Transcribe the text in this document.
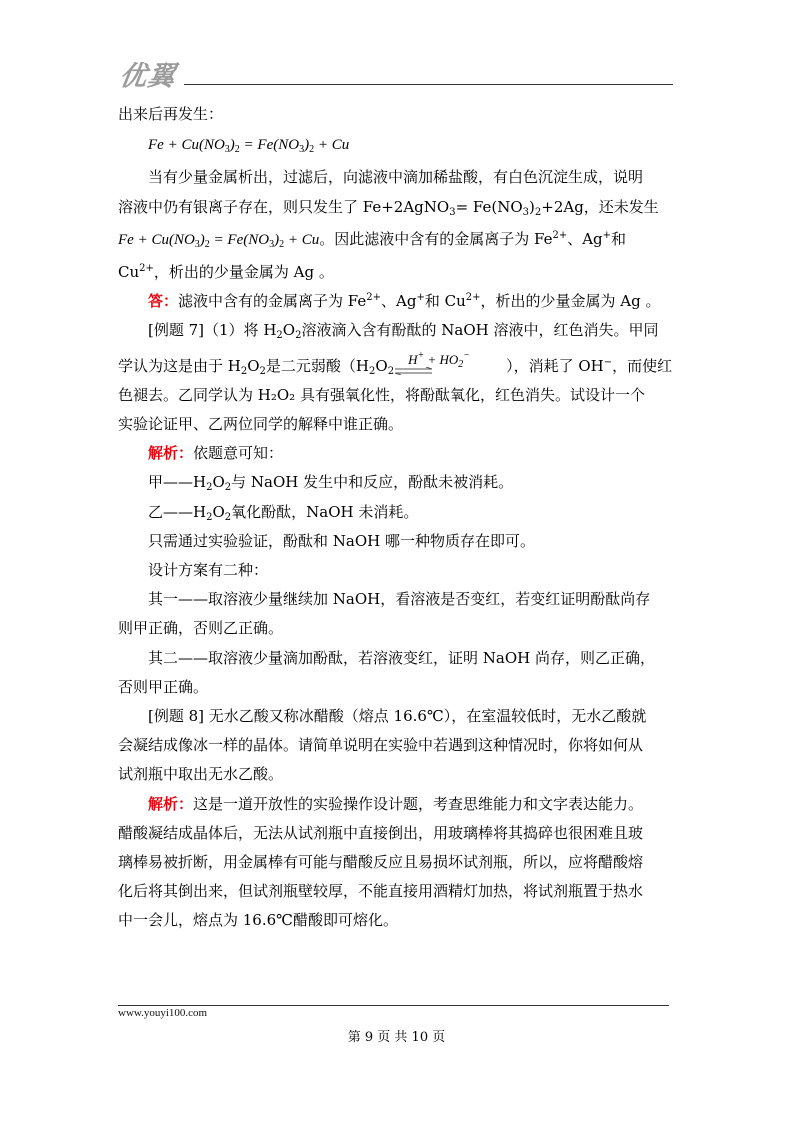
优翼

出来后再发生：

$Fe + Cu(NO_3)_2 = Fe(NO_3)_2 + Cu$

当有少量金属析出，过滤后，向滤液中滴加稀盐酸，有白色沉淀生成，说明

溶液中仍有银离子存在，则只发生了 Fe+2AgNO$_3$= $Fe(NO_3)_2+2Ag$，还未发生

$Fe + Cu(NO_3)_2 = Fe(NO_3)_2 + Cu$。因此滤液中含有的金属离子为 $Fe^{2+}$、Ag+和

$Cu^{2+}$，析出的少量金属为 Ag 。

答：滤液中含有的金属离子为 $Fe^{2+}$、Ag+和 $Cu^{2+}$，析出的少量金属为 Ag 。

[例题 7]（1）将 $H_2O_2$溶液滴入含有酚酞的 NaOH 溶液中，红色消失。甲同

学认为这是由于 $H_2O_2$是二元弱酸（$H_2O_2$
$H^+ + HO_2^-$
），消耗了 OH−，而使红

色褪去。乙同学认为 H₂O₂ 具有强氧化性，将酚酞氧化，红色消失。试设计一个

实验论证甲、乙两位同学的解释中谁正确。

解析：依题意可知：

甲$——H_2O_2$与 NaOH 发生中和反应，酚酞未被消耗。

乙$——H_2O_2$氧化酚酞，NaOH 未消耗。

只需通过实验验证，酚酞和 NaOH 哪一种物质存在即可。

设计方案有二种：

其一——取溶液少量继续加 NaOH，看溶液是否变红，若变红证明酚酞尚存

则甲正确，否则乙正确。

其二——取溶液少量滴加酚酞，若溶液变红，证明 NaOH 尚存，则乙正确，

否则甲正确。

[例题 8] 无水乙酸又称冰醋酸（熔点 16.6℃），在室温较低时，无水乙酸就

会凝结成像冰一样的晶体。请简单说明在实验中若遇到这种情况时，你将如何从

试剂瓶中取出无水乙酸。

解析：这是一道开放性的实验操作设计题，考查思维能力和文字表达能力。

醋酸凝结成晶体后，无法从试剂瓶中直接倒出，用玻璃棒将其捣碎也很困难且玻

璃棒易被折断，用金属棒有可能与醋酸反应且易损坏试剂瓶，所以，应将醋酸熔

化后将其倒出来，但试剂瓶壁较厚，不能直接用酒精灯加热，将试剂瓶置于热水

中一会儿，熔点为 16.6℃醋酸即可熔化。

www.youyi100.com
第 9 页 共 10 页
